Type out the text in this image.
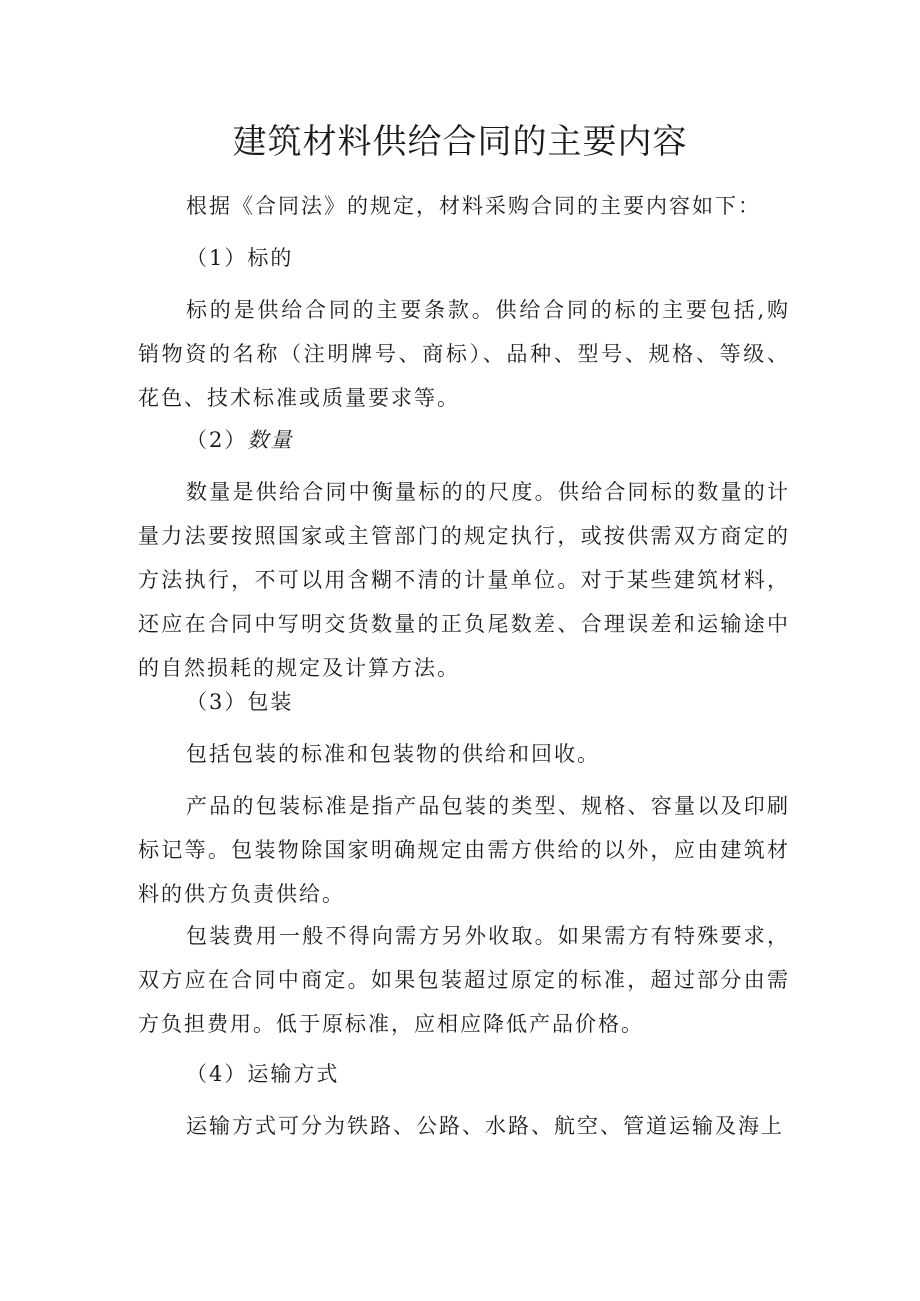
建筑材料供给合同的主要内容

根据《合同法》的规定，材料采购合同的主要内容如下：

（1）标的

标的是供给合同的主要条款。供给合同的标的主要包括,购销物资的名称（注明牌号、商标）、品种、型号、规格、等级、花色、技术标准或质量要求等。

（2）数量

数量是供给合同中衡量标的的尺度。供给合同标的数量的计量力法要按照国家或主管部门的规定执行，或按供需双方商定的方法执行，不可以用含糊不清的计量单位。对于某些建筑材料，还应在合同中写明交货数量的正负尾数差、合理误差和运输途中的自然损耗的规定及计算方法。

（3）包装

包括包装的标准和包装物的供给和回收。

产品的包装标准是指产品包装的类型、规格、容量以及印刷标记等。包装物除国家明确规定由需方供给的以外，应由建筑材料的供方负责供给。

包装费用一般不得向需方另外收取。如果需方有特殊要求，双方应在合同中商定。如果包装超过原定的标准，超过部分由需方负担费用。低于原标准，应相应降低产品价格。

（4）运输方式

运输方式可分为铁路、公路、水路、航空、管道运输及海上
